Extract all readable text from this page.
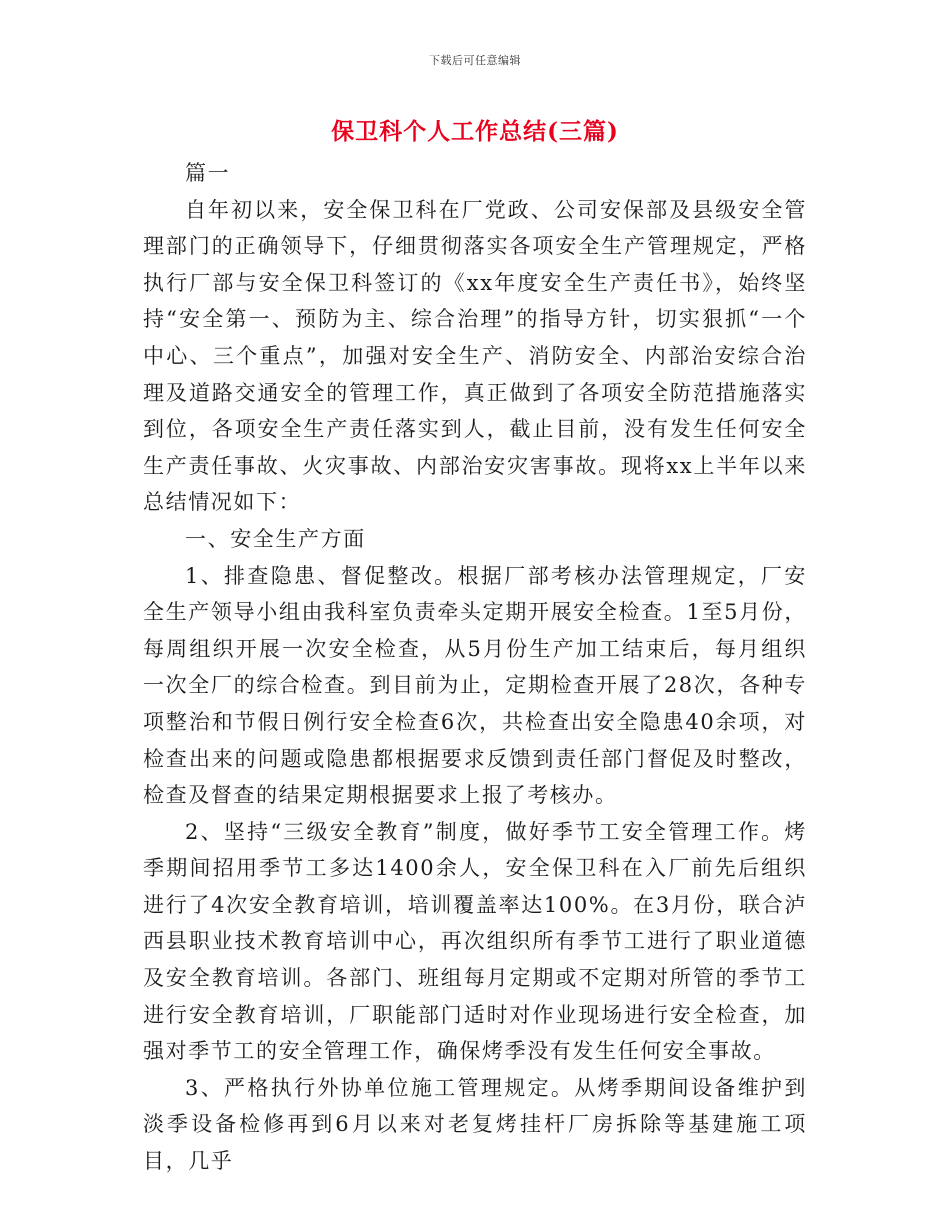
下载后可任意编辑
保卫科个人工作总结(三篇)

篇一

自年初以来，安全保卫科在厂党政、公司安保部及县级安全管理部门的正确领导下，仔细贯彻落实各项安全生产管理规定，严格执行厂部与安全保卫科签订的《xx年度安全生产责任书》，始终坚持“安全第一、预防为主、综合治理”的指导方针，切实狠抓“一个中心、三个重点”，加强对安全生产、消防安全、内部治安综合治理及道路交通安全的管理工作，真正做到了各项安全防范措施落实到位，各项安全生产责任落实到人，截止目前，没有发生任何安全生产责任事故、火灾事故、内部治安灾害事故。现将xx上半年以来总结情况如下：

一、安全生产方面

1、排查隐患、督促整改。根据厂部考核办法管理规定，厂安全生产领导小组由我科室负责牵头定期开展安全检查。1至5月份，每周组织开展一次安全检查，从5月份生产加工结束后，每月组织一次全厂的综合检查。到目前为止，定期检查开展了28次，各种专项整治和节假日例行安全检查6次，共检查出安全隐患40余项，对检查出来的问题或隐患都根据要求反馈到责任部门督促及时整改，检查及督查的结果定期根据要求上报了考核办。

2、坚持“三级安全教育”制度，做好季节工安全管理工作。烤季期间招用季节工多达1400余人，安全保卫科在入厂前先后组织进行了4次安全教育培训，培训覆盖率达100%。在3月份，联合泸西县职业技术教育培训中心，再次组织所有季节工进行了职业道德及安全教育培训。各部门、班组每月定期或不定期对所管的季节工进行安全教育培训，厂职能部门适时对作业现场进行安全检查，加强对季节工的安全管理工作，确保烤季没有发生任何安全事故。

3、严格执行外协单位施工管理规定。从烤季期间设备维护到淡季设备检修再到6月以来对老复烤挂杆厂房拆除等基建施工项目，几乎
